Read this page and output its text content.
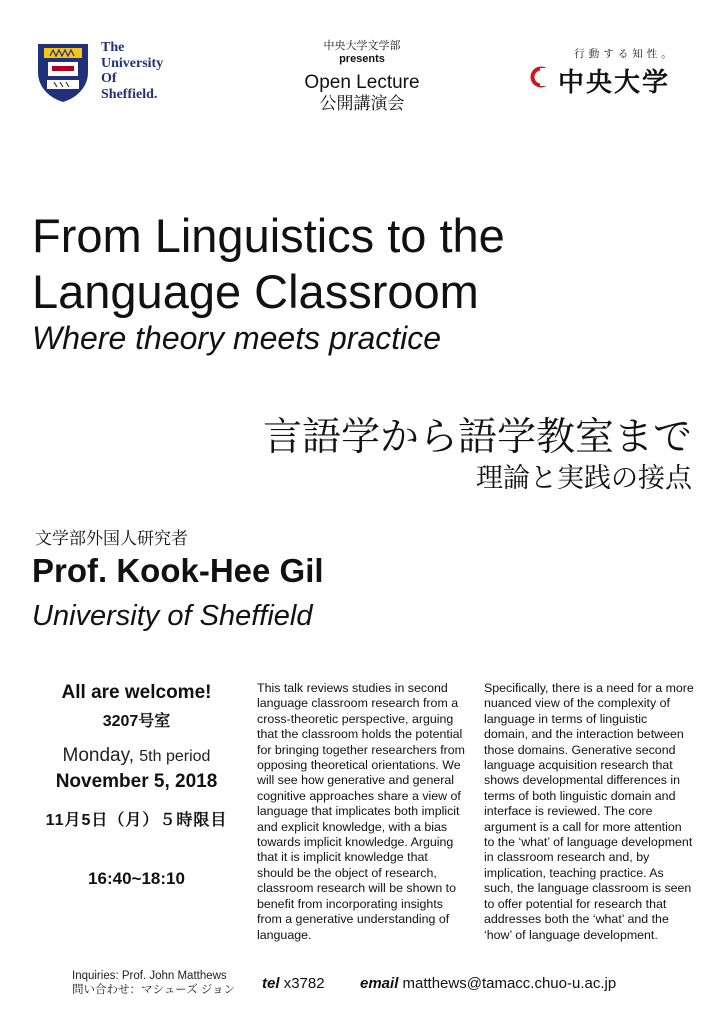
The
University
Of
Sheffield.
中央大学文学部
presents
Open Lecture
公開講演会
行動する知性。
中央大学
From Linguistics to the
Language Classroom
Where theory meets practice
言語学から語学教室まで
理論と実践の接点
文学部外国人研究者
Prof. Kook-Hee Gil
University of Sheffield
All are welcome!
3207号室
Monday, 5th period
November 5, 2018
11月5日（月）５時限目
16:40~18:10
This talk reviews studies in second language classroom research from a cross-theoretic perspective, arguing that the classroom holds the potential for bringing together researchers from opposing theoretical orientations. We will see how generative and general cognitive approaches share a view of language that implicates both implicit and explicit knowledge, with a bias towards implicit knowledge. Arguing that it is implicit knowledge that should be the object of research, classroom research will be shown to benefit from incorporating insights from a generative understanding of language.
Specifically, there is a need for a more nuanced view of the complexity of language in terms of linguistic domain, and the interaction between those domains. Generative second language acquisition research that shows developmental differences in terms of both linguistic domain and interface is reviewed. The core argument is a call for more attention to the ‘what’ of language development in classroom research and, by implication, teaching practice. As such, the language classroom is seen to offer potential for research that addresses both the ‘what’ and the ‘how’ of language development.
Inquiries: Prof. John Matthews
問い合わせ：マシューズ ジョン tel x3782 email matthews@tamacc.chuo-u.ac.jp
